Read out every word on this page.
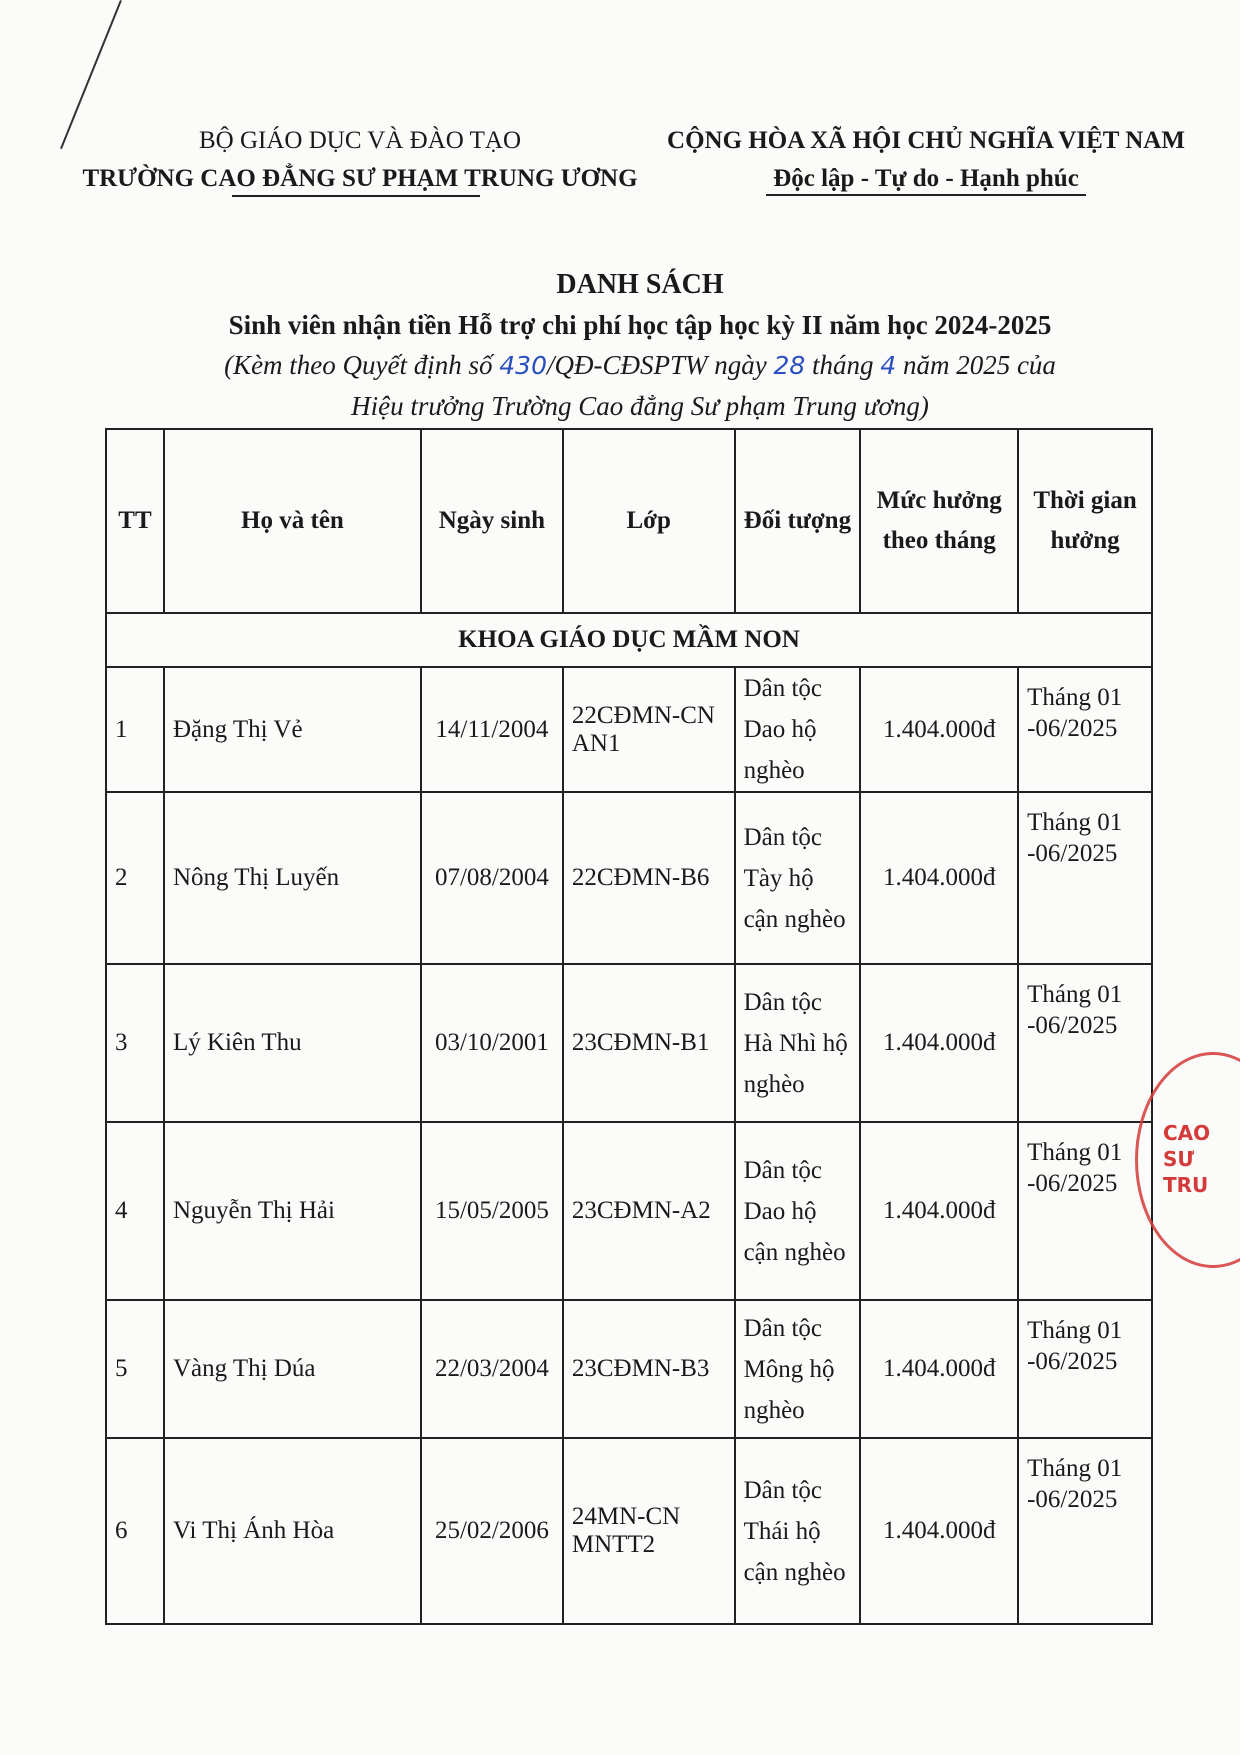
BỘ GIÁO DỤC VÀ ĐÀO TẠO
TRƯỜNG CAO ĐẲNG SƯ PHẠM TRUNG ƯƠNG
CỘNG HÒA XÃ HỘI CHỦ NGHĨA VIỆT NAM
Độc lập - Tự do - Hạnh phúc
DANH SÁCH
Sinh viên nhận tiền Hỗ trợ chi phí học tập học kỳ II năm học 2024-2025
(Kèm theo Quyết định số 430/QĐ-CĐSPTW ngày 28 tháng 4 năm 2025 của
Hiệu trưởng Trường Cao đẳng Sư phạm Trung ương)
TT	Họ và tên	Ngày sinh	Lớp	Đối tượng	Mức hưởng theo tháng	Thời gian hưởng
KHOA GIÁO DỤC MẦM NON						
1	Đặng Thị Vẻ	14/11/2004	22CĐMN-CN AN1	Dân tộc Dao hộ nghèo	1.404.000đ	Tháng 01 -06/2025
2	Nông Thị Luyến	07/08/2004	22CĐMN-B6	Dân tộc Tày hộ cận nghèo	1.404.000đ	Tháng 01 -06/2025
3	Lý Kiên Thu	03/10/2001	23CĐMN-B1	Dân tộc Hà Nhì hộ nghèo	1.404.000đ	Tháng 01 -06/2025
4	Nguyễn Thị Hải	15/05/2005	23CĐMN-A2	Dân tộc Dao hộ cận nghèo	1.404.000đ	Tháng 01 -06/2025
5	Vàng Thị Dúa	22/03/2004	23CĐMN-B3	Dân tộc Mông hộ nghèo	1.404.000đ	Tháng 01 -06/2025
6	Vi Thị Ánh Hòa	25/02/2006	24MN-CN MNTT2	Dân tộc Thái hộ cận nghèo	1.404.000đ	Tháng 01 -06/2025
CAO SƯ TRU
